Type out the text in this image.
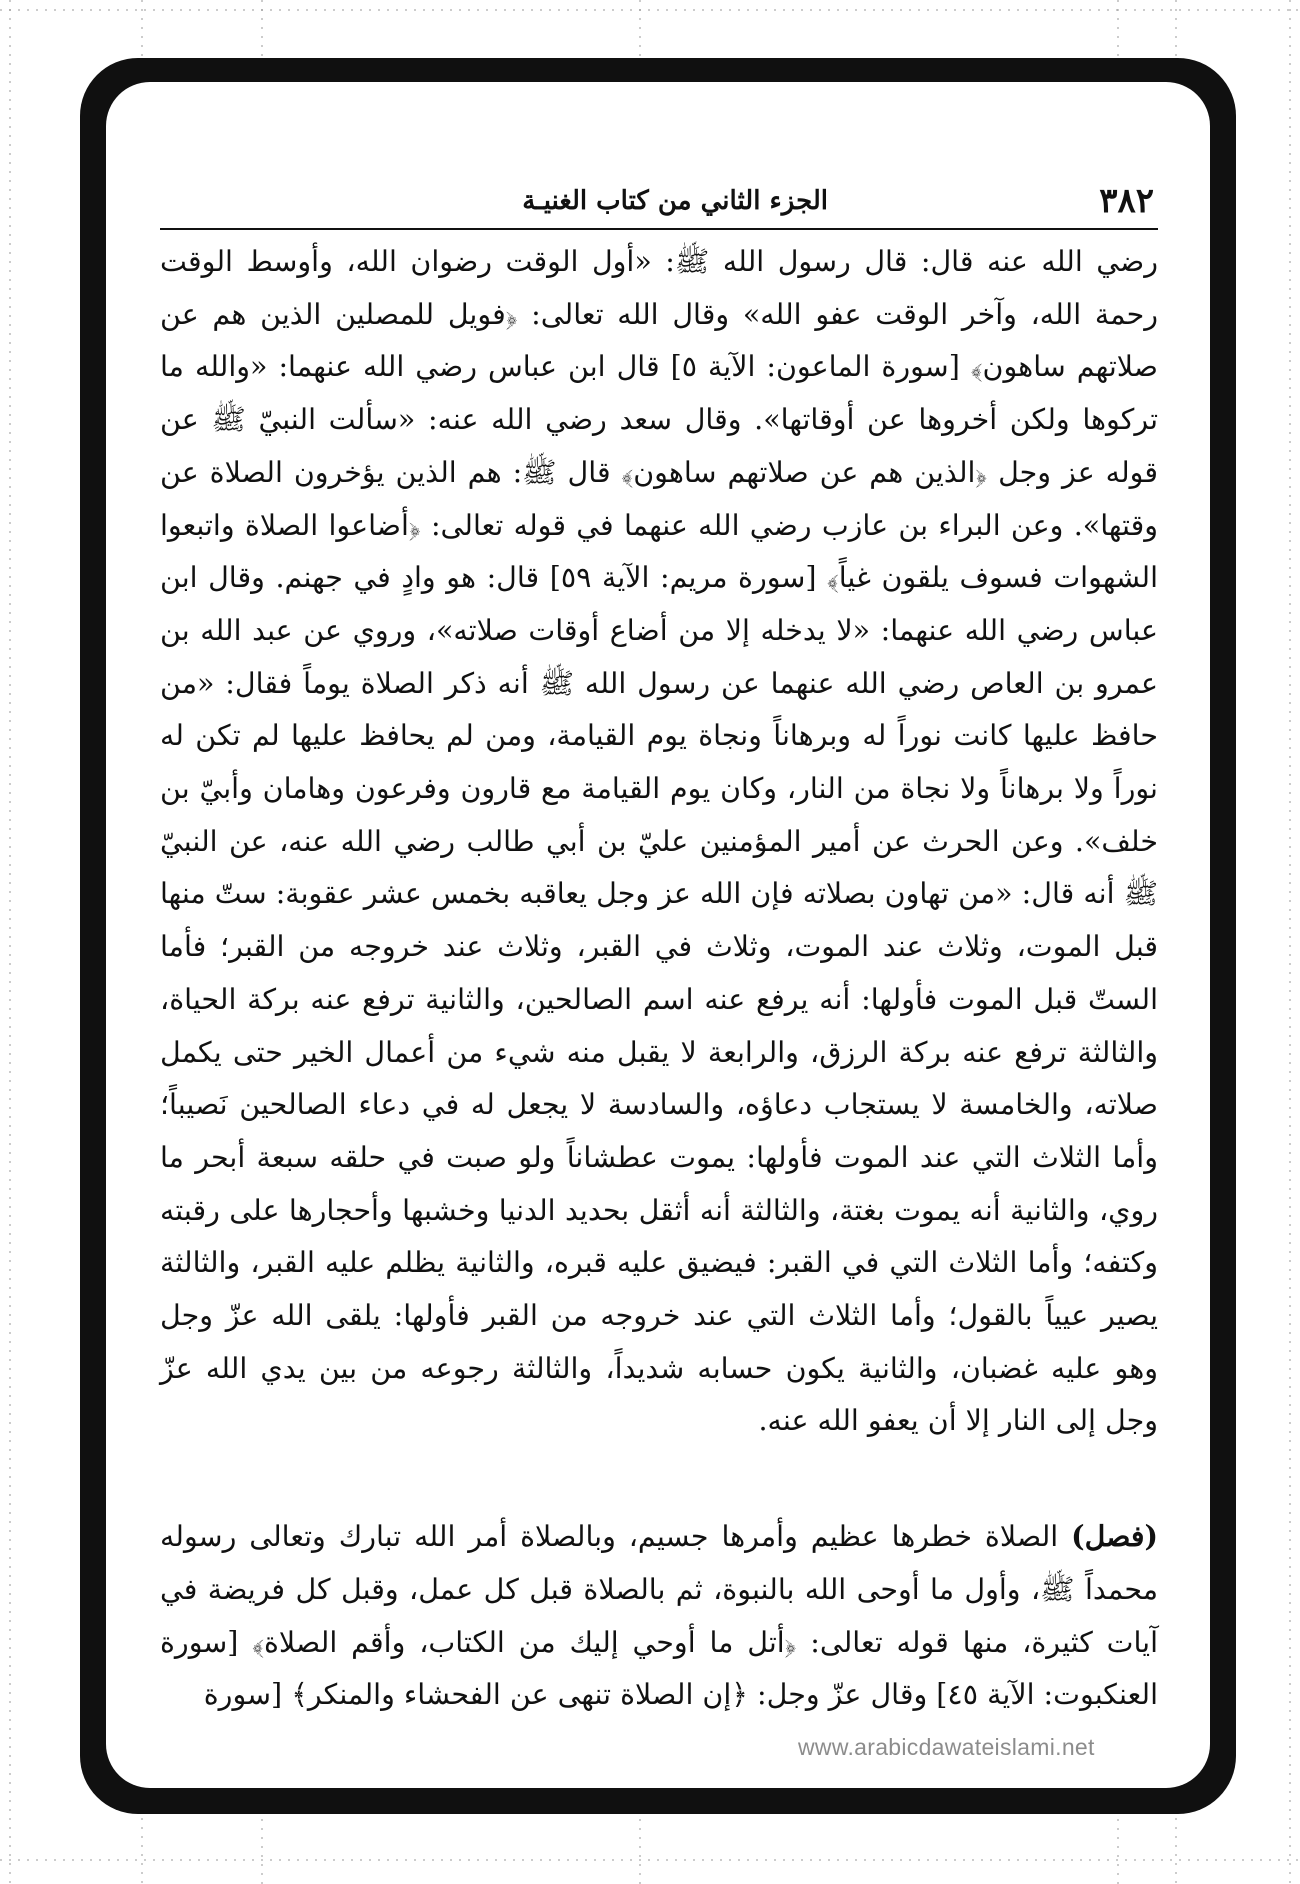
٣٨٢
الجزء الثاني من كتاب الغنيـة

رضي الله عنه قال: قال رسول الله ﷺ: «أول الوقت رضوان الله، وأوسط الوقت رحمة الله، وآخر الوقت عفو الله» وقال الله تعالى: ﴿فويل للمصلين الذين هم عن صلاتهم ساهون﴾ [سورة الماعون: الآية ٥] قال ابن عباس رضي الله عنهما: «والله ما تركوها ولكن أخروها عن أوقاتها». وقال سعد رضي الله عنه: «سألت النبيّ ﷺ عن قوله عز وجل ﴿الذين هم عن صلاتهم ساهون﴾ قال ﷺ: هم الذين يؤخرون الصلاة عن وقتها». وعن البراء بن عازب رضي الله عنهما في قوله تعالى: ﴿أضاعوا الصلاة واتبعوا الشهوات فسوف يلقون غياً﴾ [سورة مريم: الآية ٥٩] قال: هو وادٍ في جهنم. وقال ابن عباس رضي الله عنهما: «لا يدخله إلا من أضاع أوقات صلاته»، وروي عن عبد الله بن عمرو بن العاص رضي الله عنهما عن رسول الله ﷺ أنه ذكر الصلاة يوماً فقال: «من حافظ عليها كانت نوراً له وبرهاناً ونجاة يوم القيامة، ومن لم يحافظ عليها لم تكن له نوراً ولا برهاناً ولا نجاة من النار، وكان يوم القيامة مع قارون وفرعون وهامان وأبيّ بن خلف». وعن الحرث عن أمير المؤمنين عليّ بن أبي طالب رضي الله عنه، عن النبيّ ﷺ أنه قال: «من تهاون بصلاته فإن الله عز وجل يعاقبه بخمس عشر عقوبة: ستّ منها قبل الموت، وثلاث عند الموت، وثلاث في القبر، وثلاث عند خروجه من القبر؛ فأما الستّ قبل الموت فأولها: أنه يرفع عنه اسم الصالحين، والثانية ترفع عنه بركة الحياة، والثالثة ترفع عنه بركة الرزق، والرابعة لا يقبل منه شيء من أعمال الخير حتى يكمل صلاته، والخامسة لا يستجاب دعاؤه، والسادسة لا يجعل له في دعاء الصالحين نَصيباً؛ وأما الثلاث التي عند الموت فأولها: يموت عطشاناً ولو صبت في حلقه سبعة أبحر ما روي، والثانية أنه يموت بغتة، والثالثة أنه أثقل بحديد الدنيا وخشبها وأحجارها على رقبته وكتفه؛ وأما الثلاث التي في القبر: فيضيق عليه قبره، والثانية يظلم عليه القبر، والثالثة يصير عيياً بالقول؛ وأما الثلاث التي عند خروجه من القبر فأولها: يلقى الله عزّ وجل وهو عليه غضبان، والثانية يكون حسابه شديداً، والثالثة رجوعه من بين يدي الله عزّ وجل إلى النار إلا أن يعفو الله عنه.

(فصل) الصلاة خطرها عظيم وأمرها جسيم، وبالصلاة أمر الله تبارك وتعالى رسوله محمداً ﷺ، وأول ما أوحى الله بالنبوة، ثم بالصلاة قبل كل عمل، وقبل كل فريضة في آيات كثيرة، منها قوله تعالى: ﴿أتل ما أوحي إليك من الكتاب، وأقم الصلاة﴾ [سورة العنكبوت: الآية ٤٥] وقال عزّ وجل: ﴿إن الصلاة تنهى عن الفحشاء والمنكر﴾ [سورة

www.arabicdawateislami.net
